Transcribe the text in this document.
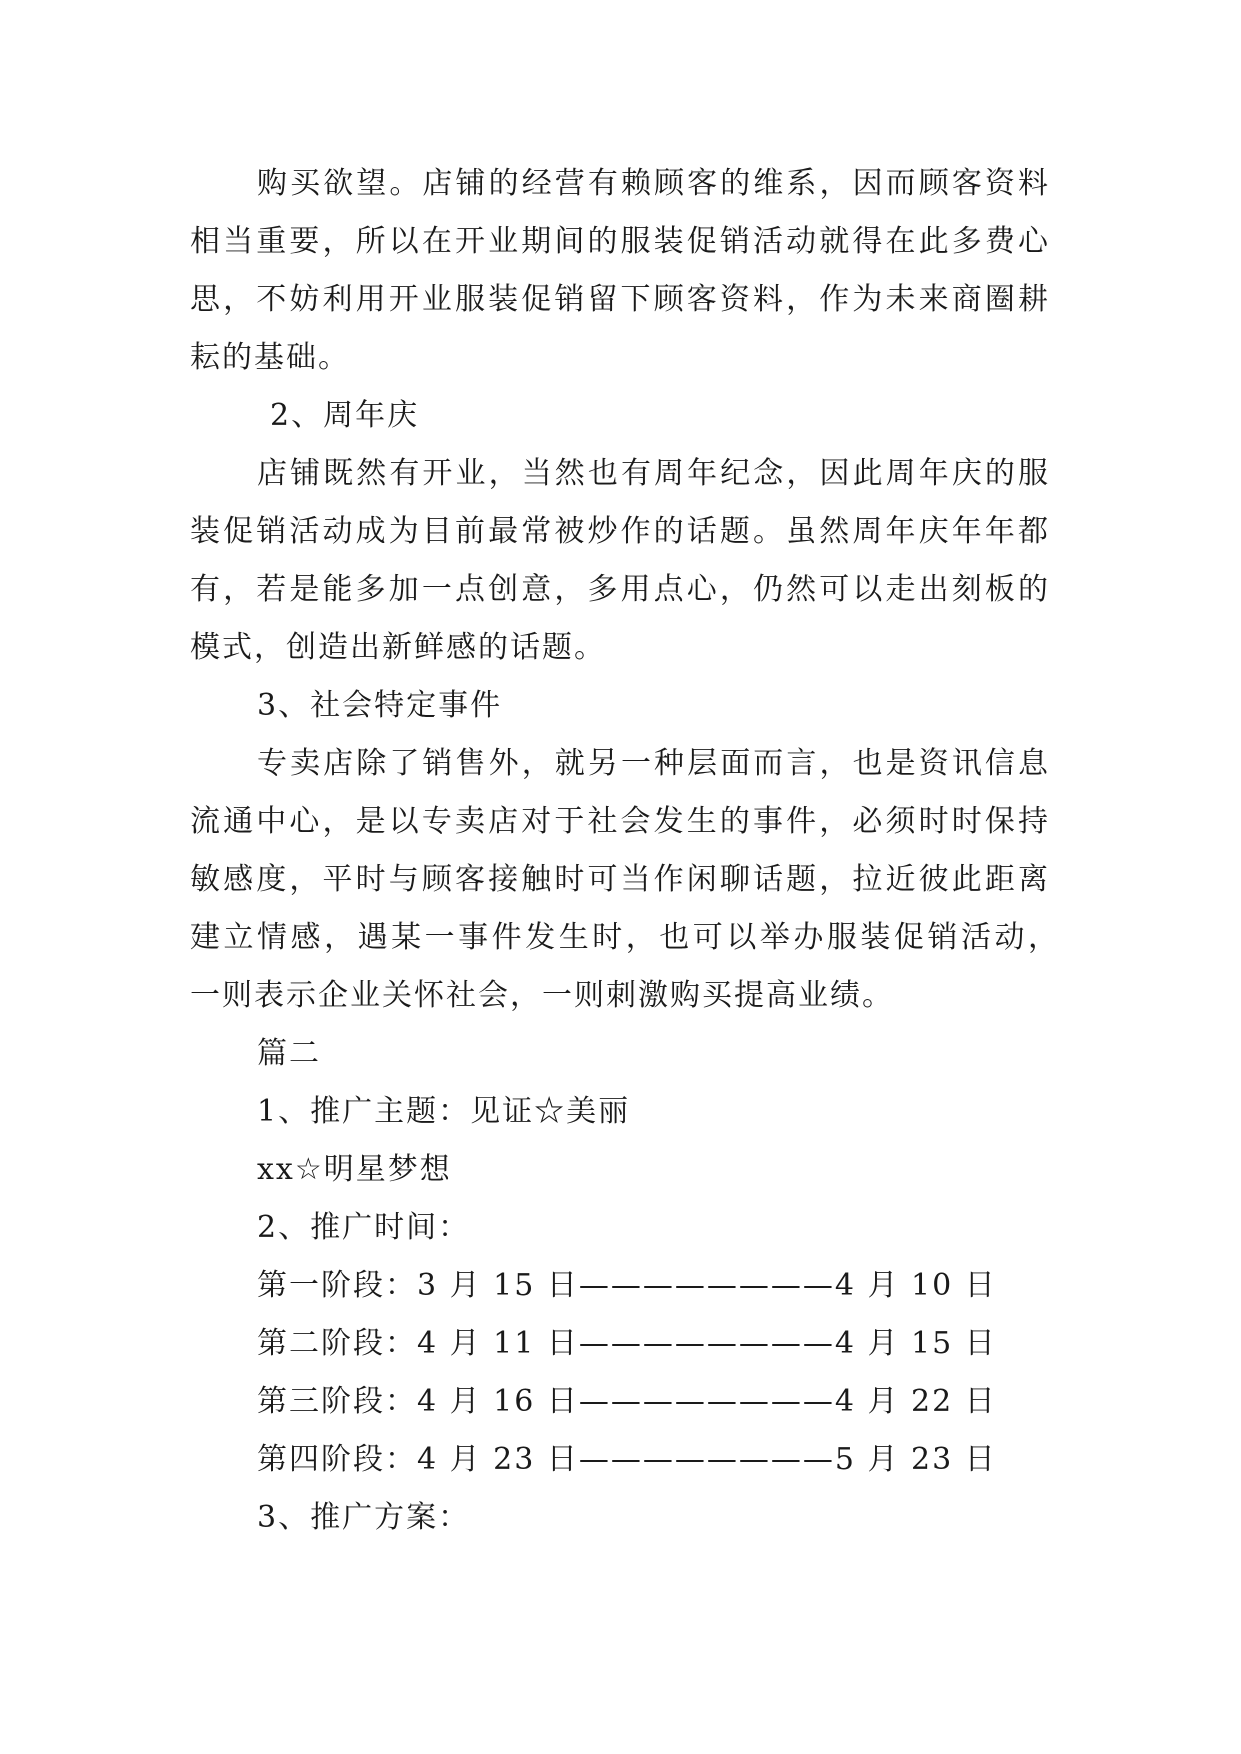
购买欲望。店铺的经营有赖顾客的维系，因而顾客资料
相当重要，所以在开业期间的服装促销活动就得在此多费心
思，不妨利用开业服装促销留下顾客资料，作为未来商圈耕
耘的基础。
2、周年庆
店铺既然有开业，当然也有周年纪念，因此周年庆的服
装促销活动成为目前最常被炒作的话题。虽然周年庆年年都
有，若是能多加一点创意，多用点心，仍然可以走出刻板的
模式，创造出新鲜感的话题。
3、社会特定事件
专卖店除了销售外，就另一种层面而言，也是资讯信息
流通中心，是以专卖店对于社会发生的事件，必须时时保持
敏感度，平时与顾客接触时可当作闲聊话题，拉近彼此距离
建立情感，遇某一事件发生时，也可以举办服装促销活动，
一则表示企业关怀社会，一则刺激购买提高业绩。
篇二
1、推广主题：见证☆美丽
xx☆明星梦想
2、推广时间：
第一阶段：3 月 15 日————————4 月 10 日
第二阶段：4 月 11 日————————4 月 15 日
第三阶段：4 月 16 日————————4 月 22 日
第四阶段：4 月 23 日————————5 月 23 日
3、推广方案：
